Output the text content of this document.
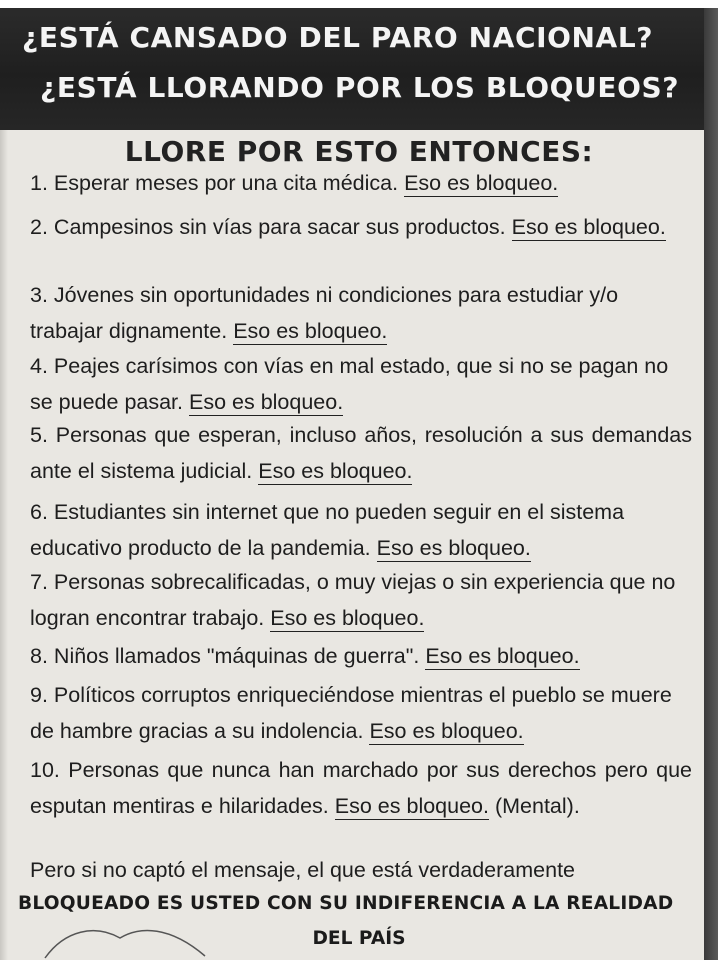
¿ESTÁ CANSADO DEL PARO NACIONAL?
¿ESTÁ LLORANDO POR LOS BLOQUEOS?
LLORE POR ESTO ENTONCES:
1. Esperar meses por una cita médica. Eso es bloqueo.
2. Campesinos sin vías para sacar sus productos. Eso es bloqueo.
3. Jóvenes sin oportunidades ni condiciones para estudiar y/o trabajar dignamente. Eso es bloqueo.
4. Peajes carísimos con vías en mal estado, que si no se pagan no se puede pasar. Eso es bloqueo.
5. Personas que esperan, incluso años, resolución a sus demandas ante el sistema judicial. Eso es bloqueo.
6. Estudiantes sin internet que no pueden seguir en el sistema educativo producto de la pandemia. Eso es bloqueo.
7. Personas sobrecalificadas, o muy viejas o sin experiencia que no logran encontrar trabajo. Eso es bloqueo.
8. Niños llamados "máquinas de guerra". Eso es bloqueo.
9. Políticos corruptos enriqueciéndose mientras el pueblo se muere de hambre gracias a su indolencia. Eso es bloqueo.
10. Personas que nunca han marchado por sus derechos pero que esputan mentiras e hilaridades. Eso es bloqueo. (Mental).
Pero si no captó el mensaje, el que está verdaderamente
BLOQUEADO ES USTED CON SU INDIFERENCIA A LA REALIDAD
DEL PAÍS
